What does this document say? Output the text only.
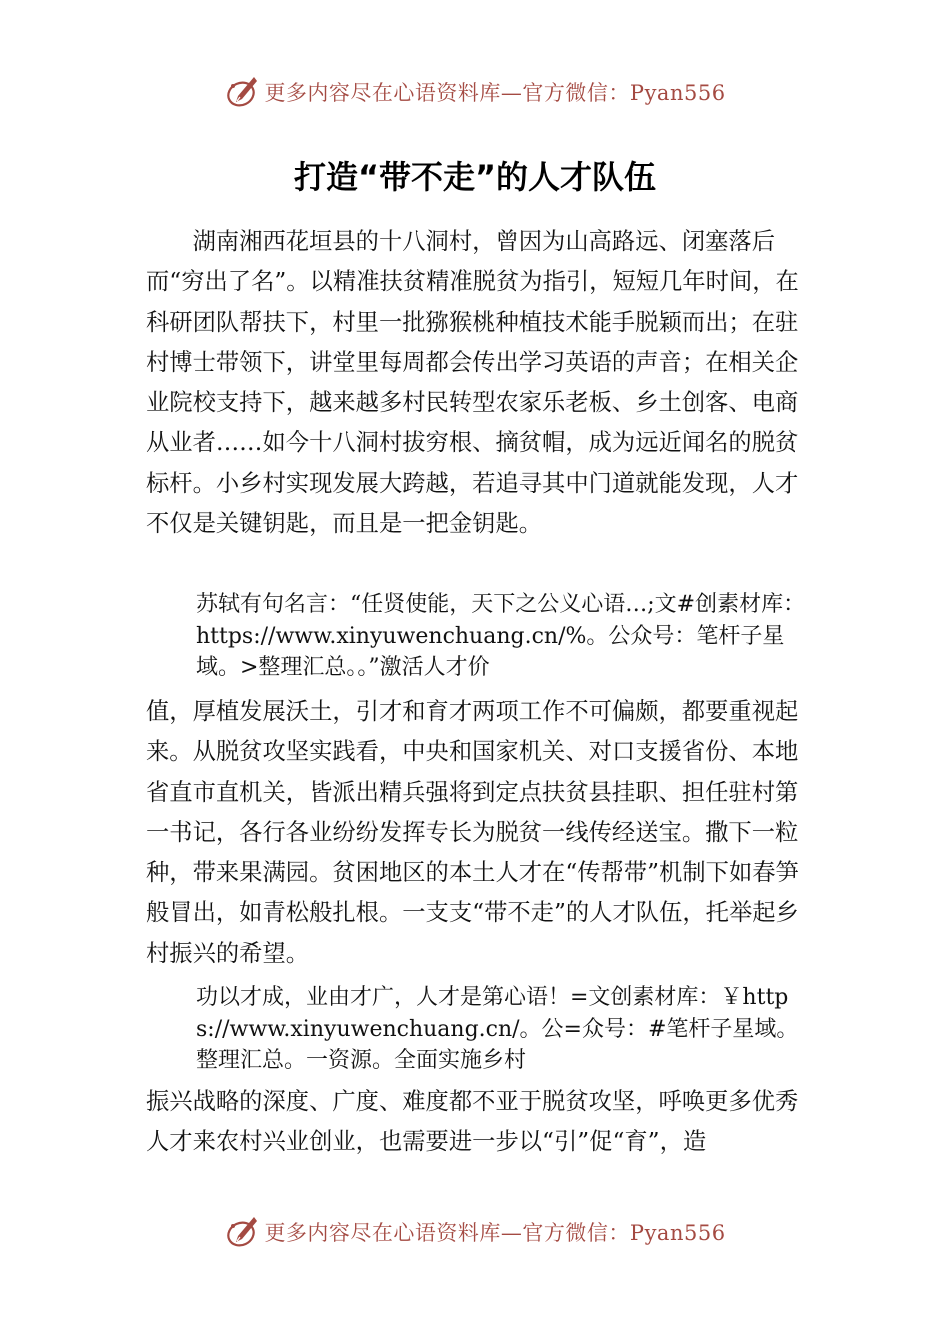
更多内容尽在心语资料库—官方微信：Pyan556
打造“带不走”的人才队伍

湖南湘西花垣县的十八洞村，曾因为山高路远、闭塞落后而“穷出了名”。以精准扶贫精准脱贫为指引，短短几年时间，在科研团队帮扶下，村里一批猕猴桃种植技术能手脱颖而出；在驻村博士带领下，讲堂里每周都会传出学习英语的声音；在相关企业院校支持下，越来越多村民转型农家乐老板、乡土创客、电商从业者……如今十八洞村拔穷根、摘贫帽，成为远近闻名的脱贫标杆。小乡村实现发展大跨越，若追寻其中门道就能发现，人才不仅是关键钥匙，而且是一把金钥匙。

苏轼有句名言：“任贤使能，天下之公义心语…;文#创素材库：https://www.xinyuwenchuang.cn/%。公众号：笔杆子星域。>整理汇总。。”激活人才价

值，厚植发展沃土，引才和育才两项工作不可偏颇，都要重视起来。从脱贫攻坚实践看，中央和国家机关、对口支援省份、本地省直市直机关，皆派出精兵强将到定点扶贫县挂职、担任驻村第一书记，各行各业纷纷发挥专长为脱贫一线传经送宝。撒下一粒种，带来果满园。贫困地区的本土人才在“传帮带”机制下如春笋般冒出，如青松般扎根。一支支“带不走”的人才队伍，托举起乡村振兴的希望。

功以才成，业由才广，人才是第心语！=文创素材库：￥https://www.xinyuwenchuang.cn/。公=众号：#笔杆子星域。整理汇总。一资源。全面实施乡村

振兴战略的深度、广度、难度都不亚于脱贫攻坚，呼唤更多优秀人才来农村兴业创业，也需要进一步以“引”促“育”，造

更多内容尽在心语资料库—官方微信：Pyan556
